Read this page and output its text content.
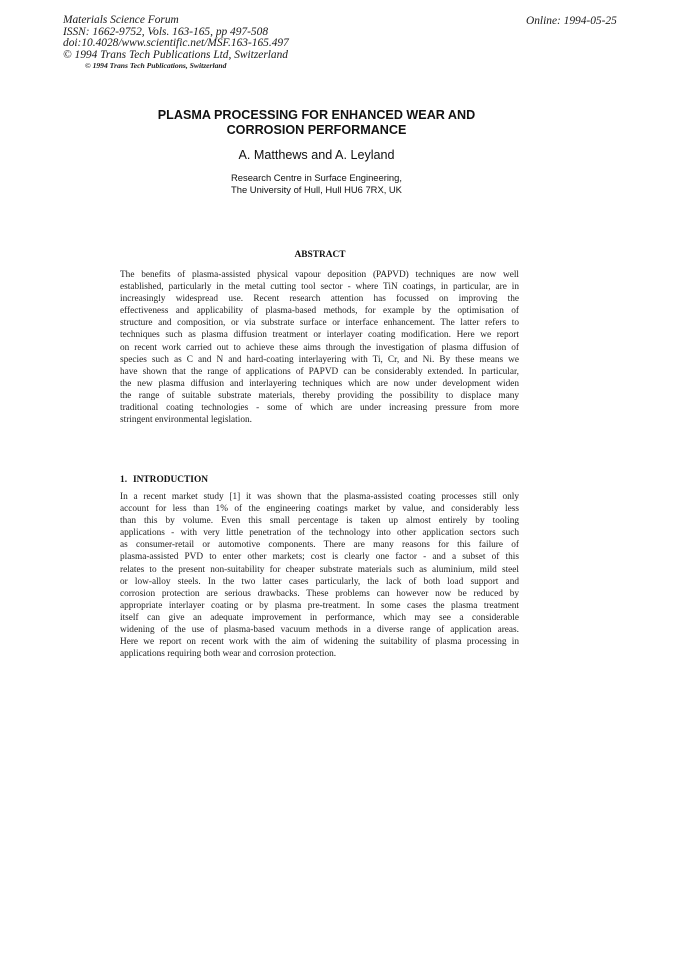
Materials Science Forum
ISSN: 1662-9752, Vols. 163-165, pp 497-508
doi:10.4028/www.scientific.net/MSF.163-165.497
© 1994 Trans Tech Publications Ltd, Switzerland
© 1994 Trans Tech Publications, Switzerland
Online: 1994-05-25
PLASMA PROCESSING FOR ENHANCED WEAR AND
CORROSION PERFORMANCE
A. Matthews and A. Leyland
Research Centre in Surface Engineering,
The University of Hull, Hull HU6 7RX, UK
ABSTRACT
The benefits of plasma-assisted physical vapour deposition (PAPVD) techniques are now well
established, particularly in the metal cutting tool sector - where TiN coatings, in particular, are in
increasingly widespread use. Recent research attention has focussed on improving the
effectiveness and applicability of plasma-based methods, for example by the optimisation of
structure and composition, or via substrate surface or interface enhancement. The latter refers to
techniques such as plasma diffusion treatment or interlayer coating modification. Here we report
on recent work carried out to achieve these aims through the investigation of plasma diffusion of
species such as C and N and hard-coating interlayering with Ti, Cr, and Ni. By these means we
have shown that the range of applications of PAPVD can be considerably extended. In particular,
the new plasma diffusion and interlayering techniques which are now under development widen
the range of suitable substrate materials, thereby providing the possibility to displace many
traditional coating technologies - some of which are under increasing pressure from more
stringent environmental legislation.
1. INTRODUCTION
In a recent market study [1] it was shown that the plasma-assisted coating processes still only
account for less than 1% of the engineering coatings market by value, and considerably less
than this by volume. Even this small percentage is taken up almost entirely by tooling
applications - with very little penetration of the technology into other application sectors such
as consumer-retail or automotive components. There are many reasons for this failure of
plasma-assisted PVD to enter other markets; cost is clearly one factor - and a subset of this
relates to the present non-suitability for cheaper substrate materials such as aluminium, mild steel
or low-alloy steels. In the two latter cases particularly, the lack of both load support and
corrosion protection are serious drawbacks. These problems can however now be reduced by
appropriate interlayer coating or by plasma pre-treatment. In some cases the plasma treatment
itself can give an adequate improvement in performance, which may see a considerable
widening of the use of plasma-based vacuum methods in a diverse range of application areas.
Here we report on recent work with the aim of widening the suitability of plasma processing in
applications requiring both wear and corrosion protection.
